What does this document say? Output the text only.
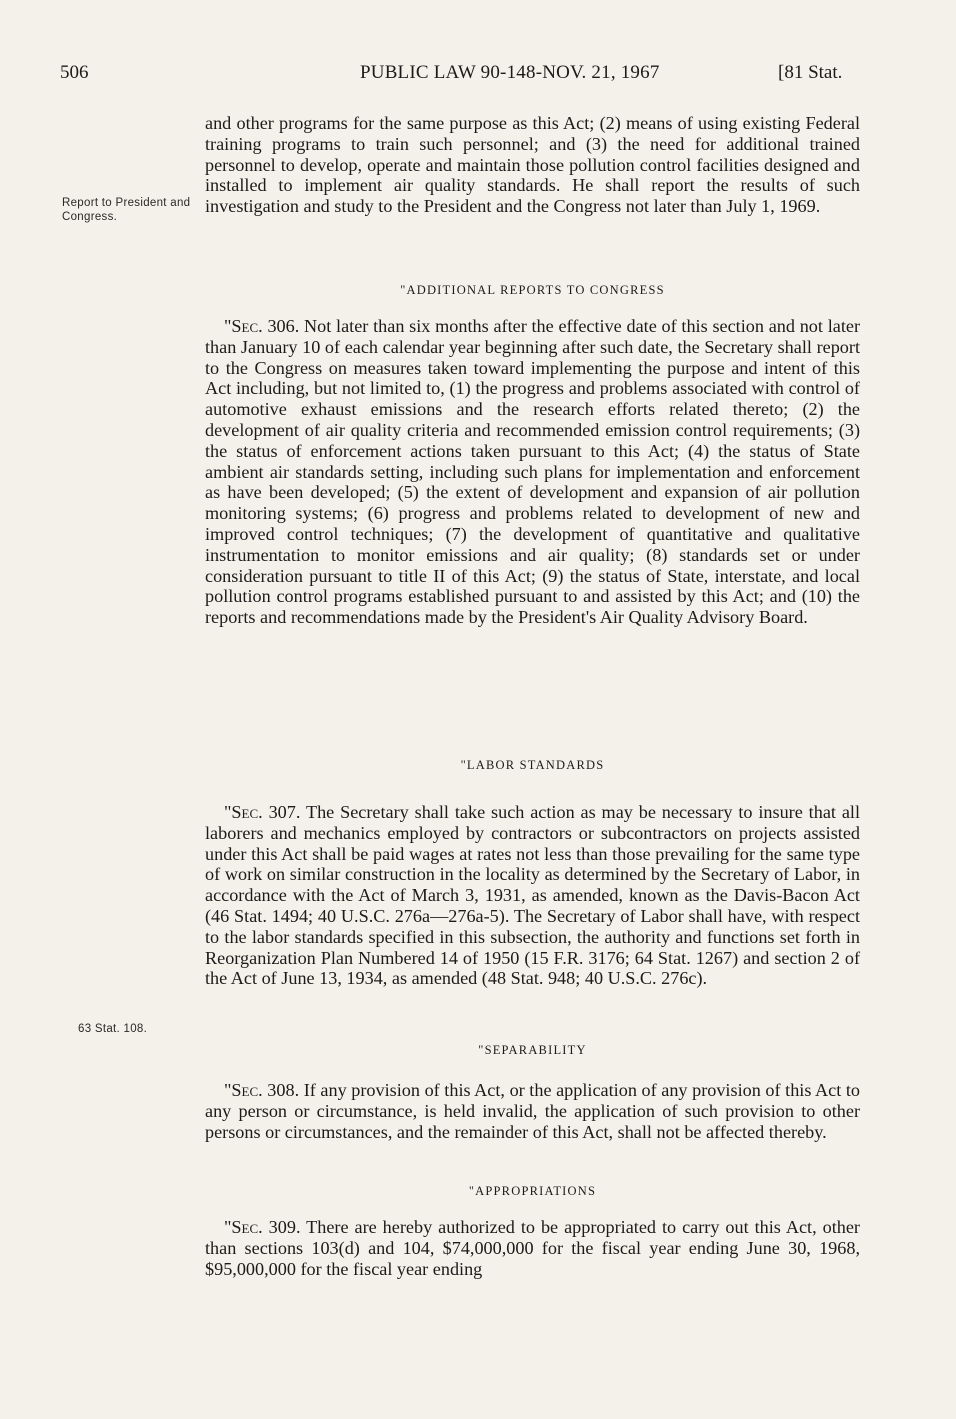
506	PUBLIC LAW 90-148-NOV. 21, 1967	[81 Stat.
Report to President and Congress.
63 Stat. 108.

and other programs for the same purpose as this Act; (2) means of using existing Federal training programs to train such personnel; and (3) the need for additional trained personnel to develop, operate and maintain those pollution control facilities designed and installed to implement air quality standards. He shall report the results of such investigation and study to the President and the Congress not later than July 1, 1969.

"ADDITIONAL REPORTS TO CONGRESS

"Sec. 306. Not later than six months after the effective date of this section and not later than January 10 of each calendar year beginning after such date, the Secretary shall report to the Congress on measures taken toward implementing the purpose and intent of this Act including, but not limited to, (1) the progress and problems associated with control of automotive exhaust emissions and the research efforts related thereto; (2) the development of air quality criteria and recommended emission control requirements; (3) the status of enforcement actions taken pursuant to this Act; (4) the status of State ambient air standards setting, including such plans for implementation and enforcement as have been developed; (5) the extent of development and expansion of air pollution monitoring systems; (6) progress and problems related to development of new and improved control techniques; (7) the development of quantitative and qualitative instrumentation to monitor emissions and air quality; (8) standards set or under consideration pursuant to title II of this Act; (9) the status of State, interstate, and local pollution control programs established pursuant to and assisted by this Act; and (10) the reports and recommendations made by the President's Air Quality Advisory Board.

"LABOR STANDARDS

"Sec. 307. The Secretary shall take such action as may be necessary to insure that all laborers and mechanics employed by contractors or subcontractors on projects assisted under this Act shall be paid wages at rates not less than those prevailing for the same type of work on similar construction in the locality as determined by the Secretary of Labor, in accordance with the Act of March 3, 1931, as amended, known as the Davis-Bacon Act (46 Stat. 1494; 40 U.S.C. 276a—276a-5). The Secretary of Labor shall have, with respect to the labor standards specified in this subsection, the authority and functions set forth in Reorganization Plan Numbered 14 of 1950 (15 F.R. 3176; 64 Stat. 1267) and section 2 of the Act of June 13, 1934, as amended (48 Stat. 948; 40 U.S.C. 276c).

"SEPARABILITY

"Sec. 308. If any provision of this Act, or the application of any provision of this Act to any person or circumstance, is held invalid, the application of such provision to other persons or circumstances, and the remainder of this Act, shall not be affected thereby.

"APPROPRIATIONS

"Sec. 309. There are hereby authorized to be appropriated to carry out this Act, other than sections 103(d) and 104, $74,000,000 for the fiscal year ending June 30, 1968, $95,000,000 for the fiscal year ending
